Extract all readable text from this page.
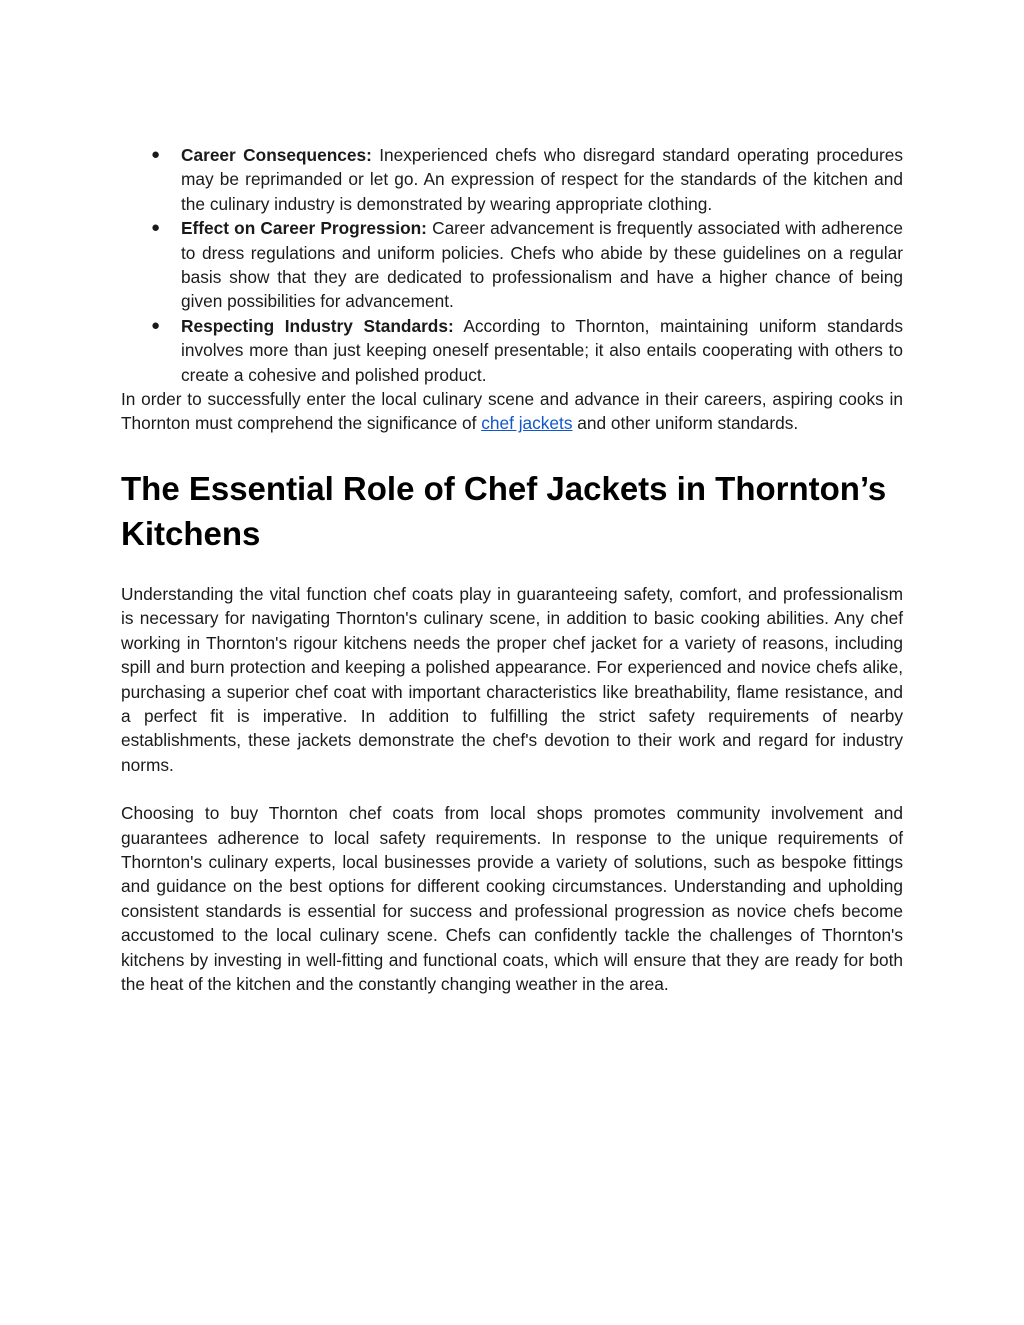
● Career Consequences: Inexperienced chefs who disregard standard operating procedures may be reprimanded or let go. An expression of respect for the standards of the kitchen and the culinary industry is demonstrated by wearing appropriate clothing.
● Effect on Career Progression: Career advancement is frequently associated with adherence to dress regulations and uniform policies. Chefs who abide by these guidelines on a regular basis show that they are dedicated to professionalism and have a higher chance of being given possibilities for advancement.
● Respecting Industry Standards: According to Thornton, maintaining uniform standards involves more than just keeping oneself presentable; it also entails cooperating with others to create a cohesive and polished product.

In order to successfully enter the local culinary scene and advance in their careers, aspiring cooks in Thornton must comprehend the significance of chef jackets and other uniform standards.

The Essential Role of Chef Jackets in Thornton’s Kitchens

Understanding the vital function chef coats play in guaranteeing safety, comfort, and professionalism is necessary for navigating Thornton's culinary scene, in addition to basic cooking abilities. Any chef working in Thornton's rigour kitchens needs the proper chef jacket for a variety of reasons, including spill and burn protection and keeping a polished appearance. For experienced and novice chefs alike, purchasing a superior chef coat with important characteristics like breathability, flame resistance, and a perfect fit is imperative. In addition to fulfilling the strict safety requirements of nearby establishments, these jackets demonstrate the chef's devotion to their work and regard for industry norms.

Choosing to buy Thornton chef coats from local shops promotes community involvement and guarantees adherence to local safety requirements. In response to the unique requirements of Thornton's culinary experts, local businesses provide a variety of solutions, such as bespoke fittings and guidance on the best options for different cooking circumstances. Understanding and upholding consistent standards is essential for success and professional progression as novice chefs become accustomed to the local culinary scene. Chefs can confidently tackle the challenges of Thornton's kitchens by investing in well-fitting and functional coats, which will ensure that they are ready for both the heat of the kitchen and the constantly changing weather in the area.
